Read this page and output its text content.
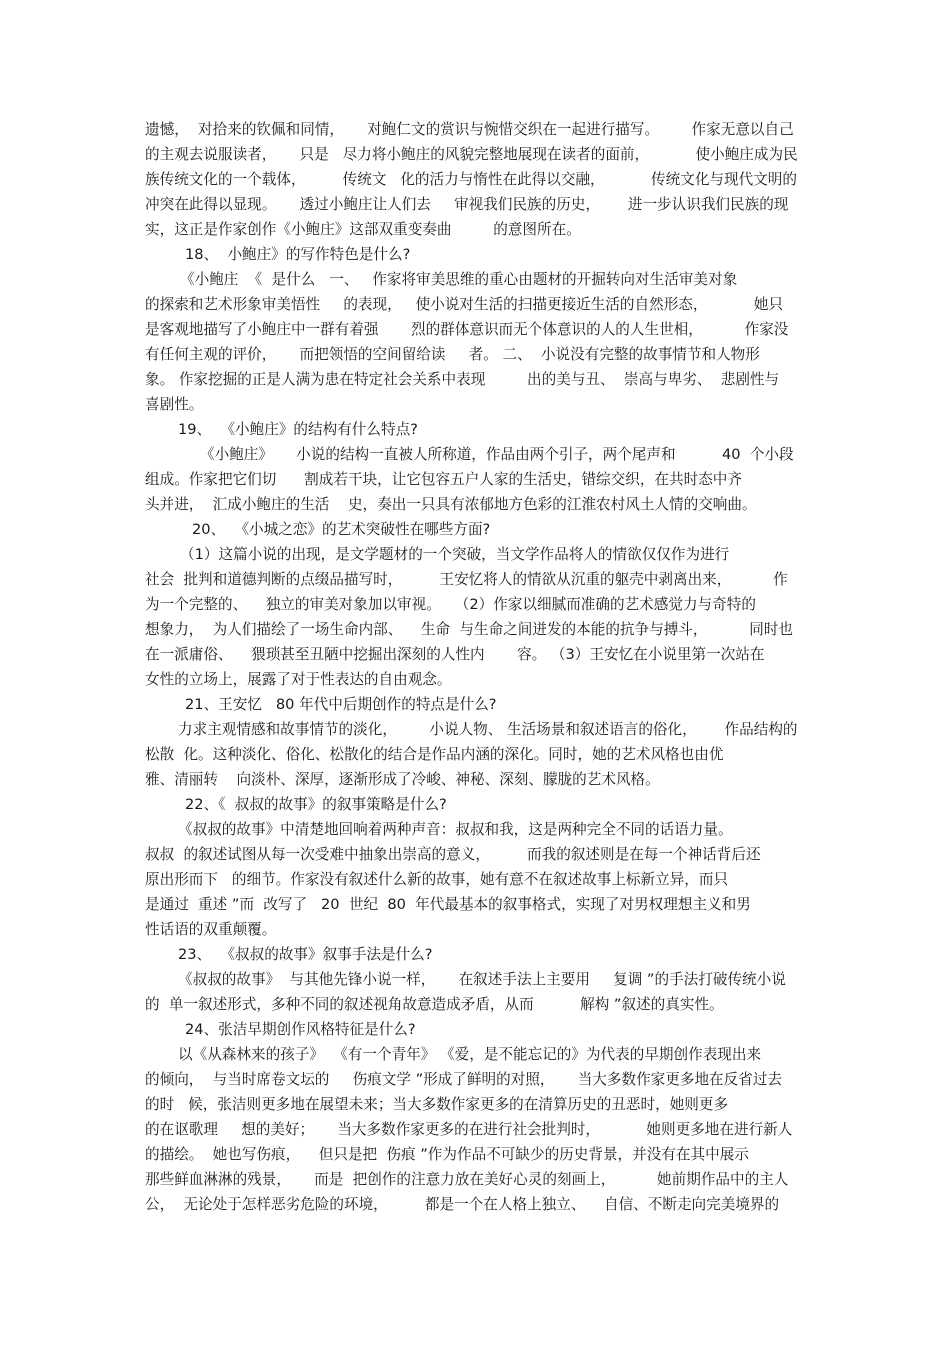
遗憾，  对拾来的钦佩和同情，     对鲍仁文的赏识与惋惜交织在一起进行描写。       作家无意以自己
的主观去说服读者，     只是   尽力将小鲍庄的风貌完整地展现在读者的面前，          使小鲍庄成为民
族传统文化的一个载体，        传统文   化的活力与惰性在此得以交融，          传统文化与现代文明的
冲突在此得以显现。     透过小鲍庄让人们去     审视我们民族的历史，      进一步认识我们民族的现
实，这正是作家创作《小鲍庄》这部双重变奏曲         的意图所在。
18、  小鲍庄》的写作特色是什么?
《小鲍庄  《  是什么   一、   作家将审美思维的重心由题材的开掘转向对生活审美对象
的探索和艺术形象审美悟性     的表现，   使小说对生活的扫描更接近生活的自然形态，          她只
是客观地描写了小鲍庄中一群有着强       烈的群体意识而无个体意识的人的人生世相，         作家没
有任何主观的评价，     而把领悟的空间留给读     者。 二、  小说没有完整的故事情节和人物形
象。 作家挖掘的正是人满为患在特定社会关系中表现         出的美与丑、  崇高与卑劣、  悲剧性与
喜剧性。
19、  《小鲍庄》的结构有什么特点?
《小鲍庄》     小说的结构一直被人所称道，作品由两个引子，两个尾声和          40  个小段
组成。作家把它们切      割成若干块，让它包容五户人家的生活史，错综交织，在共时态中齐
头并进，  汇成小鲍庄的生活    史，奏出一只具有浓郁地方色彩的江淮农村风土人情的交响曲。
20、  《小城之恋》的艺术突破性在哪些方面?
（1）这篇小说的出现，是文学题材的一个突破，当文学作品将人的情欲仅仅作为进行
社会  批判和道德判断的点缀品描写时，        王安忆将人的情欲从沉重的躯壳中剥离出来，         作
为一个完整的、    独立的审美对象加以审视。   （2）作家以细腻而准确的艺术感觉力与奇特的
想象力，  为人们描绘了一场生命内部、    生命  与生命之间迸发的本能的抗争与搏斗，         同时也
在一派庸俗、    猥琐甚至丑陋中挖掘出深刻的人性内       容。 （3）王安忆在小说里第一次站在
女性的立场上，展露了对于性表达的自由观念。
21、王安忆   80 年代中后期创作的特点是什么?
力求主观情感和故事情节的淡化，       小说人物、 生活场景和叙述语言的俗化，      作品结构的
松散  化。这种淡化、俗化、松散化的结合是作品内涵的深化。同时，她的艺术风格也由优
雅、清丽转    向淡朴、深厚，逐渐形成了冷峻、神秘、深刻、朦胧的艺术风格。
22、《  叔叔的故事》的叙事策略是什么?
《叔叔的故事》中清楚地回响着两种声音：叔叔和我，这是两种完全不同的话语力量。
叔叔  的叙述试图从每一次受难中抽象出崇高的意义，        而我的叙述则是在每一个神话背后还
原出形而下   的细节。作家没有叙述什么新的故事，她有意不在叙述故事上标新立异，而只
是通过  重述 ”而  改写了   20  世纪  80  年代最基本的叙事格式，实现了对男权理想主义和男
性话语的双重颠覆。
23、  《叔叔的故事》叙事手法是什么?
《叔叔的故事》  与其他先锋小说一样，     在叙述手法上主要用     复调 ”的手法打破传统小说
的  单一叙述形式，多种不同的叙述视角故意造成矛盾，从而          解构 ”叙述的真实性。
24、张洁早期创作风格特征是什么?
以《从森林来的孩子》  《有一个青年》 《爱，是不能忘记的》为代表的早期创作表现出来
的倾向，  与当时席卷文坛的     伤痕文学 ”形成了鲜明的对照，     当大多数作家更多地在反省过去
的时   候，张洁则更多地在展望未来；当大多数作家更多的在清算历史的丑恶时，她则更多
的在讴歌理     想的美好；     当大多数作家更多的在进行社会批判时，          她则更多地在进行新人
的描绘。  她也写伤痕，    但只是把  伤痕 ”作为作品不可缺少的历史背景，并没有在其中展示
那些鲜血淋淋的残景，     而是  把创作的注意力放在美好心灵的刻画上，         她前期作品中的主人
公，  无论处于怎样恶劣危险的环境，        都是一个在人格上独立、    自信、不断走向完美境界的
